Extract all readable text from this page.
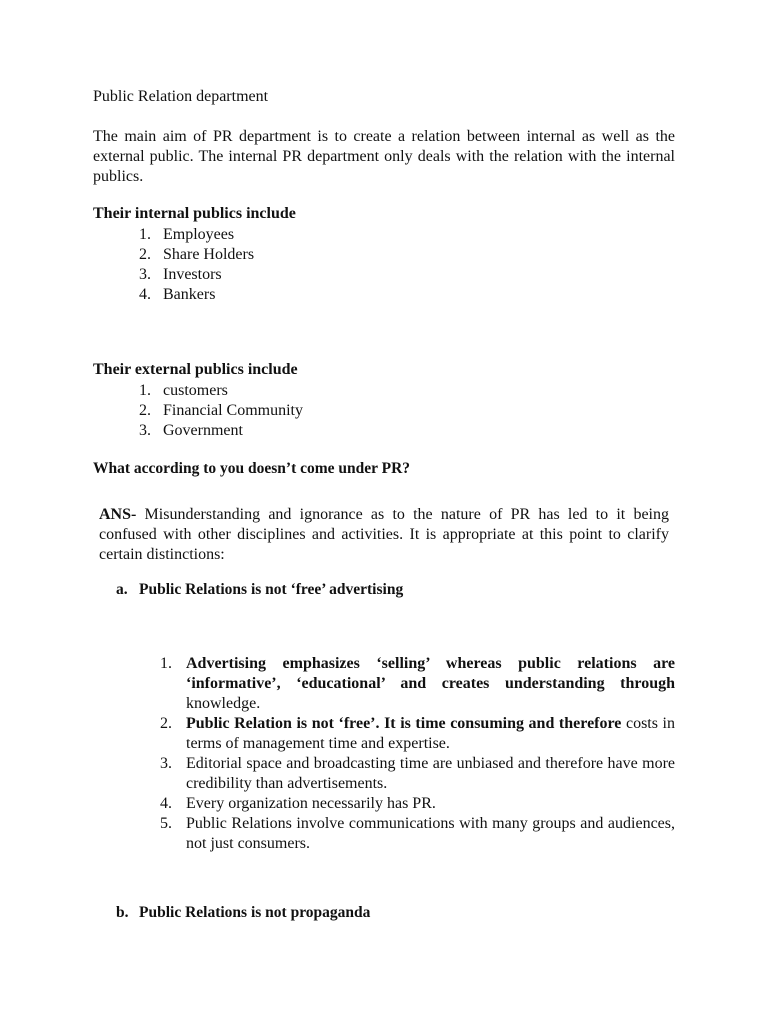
Public Relation department
The main aim of PR department is to create a relation between internal as well as the external public. The internal PR department only deals with the relation with the internal publics.
Their internal publics include
1. Employees
2. Share Holders
3. Investors
4. Bankers
Their external publics include
1. customers
2. Financial Community
3. Government
What according to you doesn’t come under PR?
ANS- Misunderstanding and ignorance as to the nature of PR has led to it being confused with other disciplines and activities. It is appropriate at this point to clarify certain distinctions:
a. Public Relations is not ‘free’ advertising
1. Advertising emphasizes ‘selling’ whereas public relations are ‘informative’, ‘educational’ and creates understanding through knowledge.
2. Public Relation is not ‘free’. It is time consuming and therefore costs in terms of management time and expertise.
3. Editorial space and broadcasting time are unbiased and therefore have more credibility than advertisements.
4. Every organization necessarily has PR.
5. Public Relations involve communications with many groups and audiences, not just consumers.
b. Public Relations is not propaganda
